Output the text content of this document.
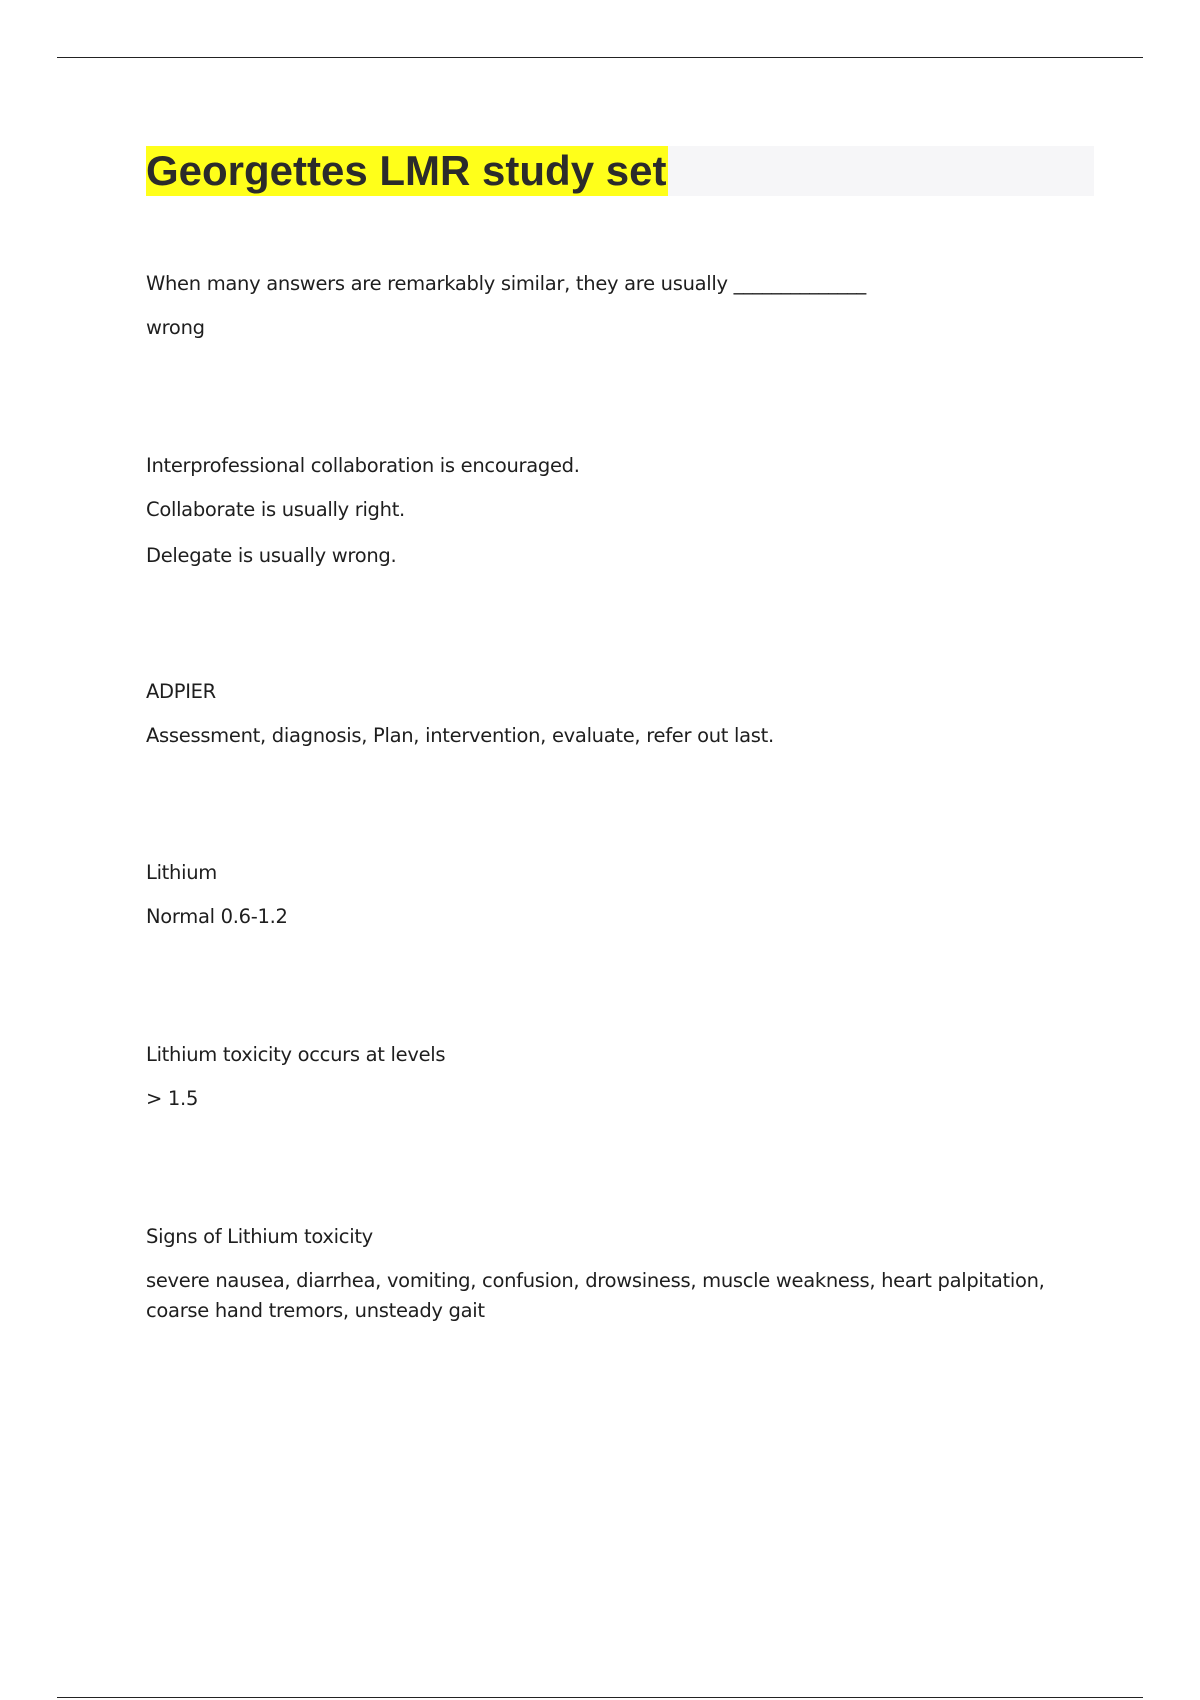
Georgettes LMR study set

When many answers are remarkably similar, they are usually ______________

wrong

Interprofessional collaboration is encouraged.

Collaborate is usually right.

Delegate is usually wrong.

ADPIER

Assessment, diagnosis, Plan, intervention, evaluate, refer out last.

Lithium

Normal 0.6-1.2

Lithium toxicity occurs at levels

> 1.5

Signs of Lithium toxicity

severe nausea, diarrhea, vomiting, confusion, drowsiness, muscle weakness, heart palpitation, coarse hand tremors, unsteady gait
